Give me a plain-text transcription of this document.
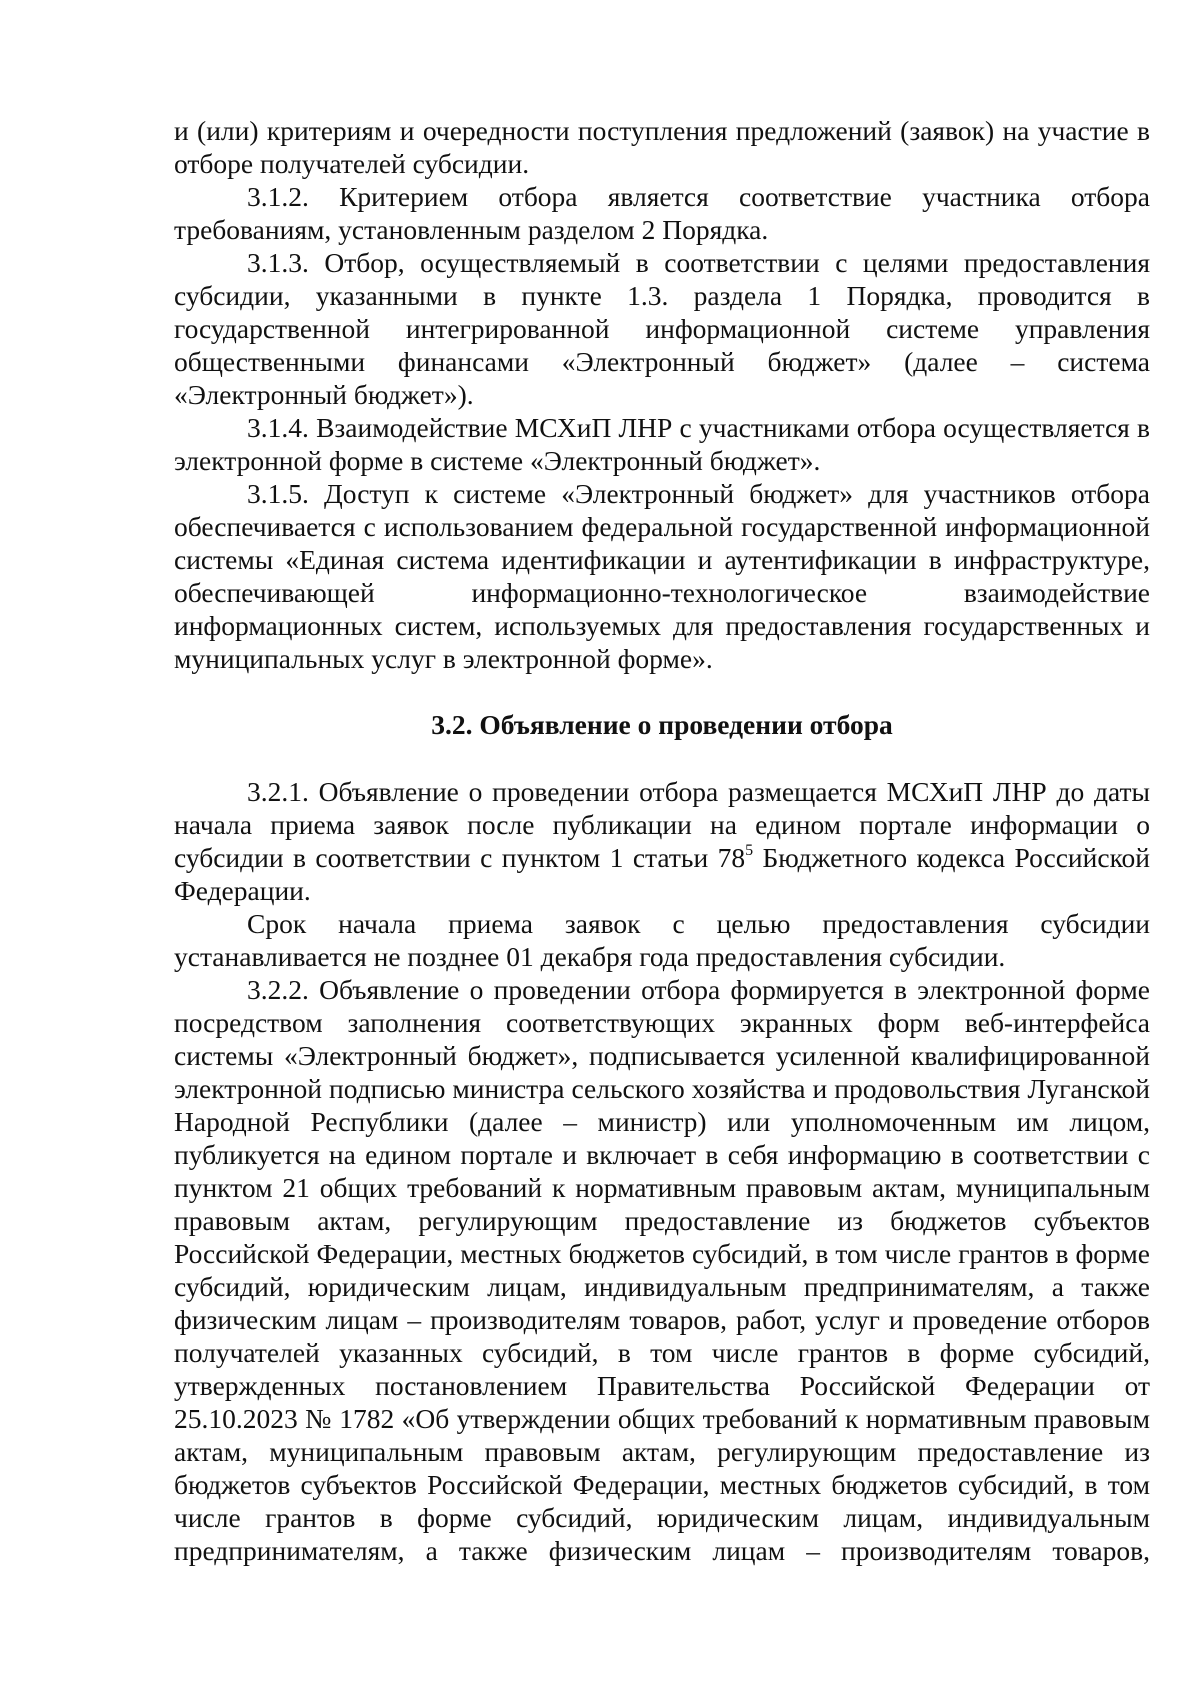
и (или) критериям и очередности поступления предложений (заявок) на участие в отборе получателей субсидии.

3.1.2. Критерием отбора является соответствие участника отбора требованиям, установленным разделом 2 Порядка.

3.1.3. Отбор, осуществляемый в соответствии с целями предоставления субсидии, указанными в пункте 1.3. раздела 1 Порядка, проводится в государственной интегрированной информационной системе управления общественными финансами «Электронный бюджет» (далее – система «Электронный бюджет»).

3.1.4. Взаимодействие МСХиП ЛНР с участниками отбора осуществляется в электронной форме в системе «Электронный бюджет».

3.1.5. Доступ к системе «Электронный бюджет» для участников отбора обеспечивается с использованием федеральной государственной информационной системы «Единая система идентификации и аутентификации в инфраструктуре, обеспечивающей информационно-технологическое взаимодействие информационных систем, используемых для предоставления государственных и муниципальных услуг в электронной форме».

3.2. Объявление о проведении отбора

3.2.1. Объявление о проведении отбора размещается МСХиП ЛНР до даты начала приема заявок после публикации на едином портале информации о субсидии в соответствии с пунктом 1 статьи $78^5$ Бюджетного кодекса Российской Федерации.

Срок начала приема заявок с целью предоставления субсидии устанавливается не позднее 01 декабря года предоставления субсидии.

3.2.2. Объявление о проведении отбора формируется в электронной форме посредством заполнения соответствующих экранных форм веб-интерфейса системы «Электронный бюджет», подписывается усиленной квалифицированной электронной подписью министра сельского хозяйства и продовольствия Луганской Народной Республики (далее – министр) или уполномоченным им лицом, публикуется на едином портале и включает в себя информацию в соответствии с пунктом 21 общих требований к нормативным правовым актам, муниципальным правовым актам, регулирующим предоставление из бюджетов субъектов Российской Федерации, местных бюджетов субсидий, в том числе грантов в форме субсидий, юридическим лицам, индивидуальным предпринимателям, а также физическим лицам – производителям товаров, работ, услуг и проведение отборов получателей указанных субсидий, в том числе грантов в форме субсидий, утвержденных постановлением Правительства Российской Федерации от 25.10.2023 № 1782 «Об утверждении общих требований к нормативным правовым актам, муниципальным правовым актам, регулирующим предоставление из бюджетов субъектов Российской Федерации, местных бюджетов субсидий, в том числе грантов в форме субсидий, юридическим лицам, индивидуальным предпринимателям, а также физическим лицам – производителям товаров,
